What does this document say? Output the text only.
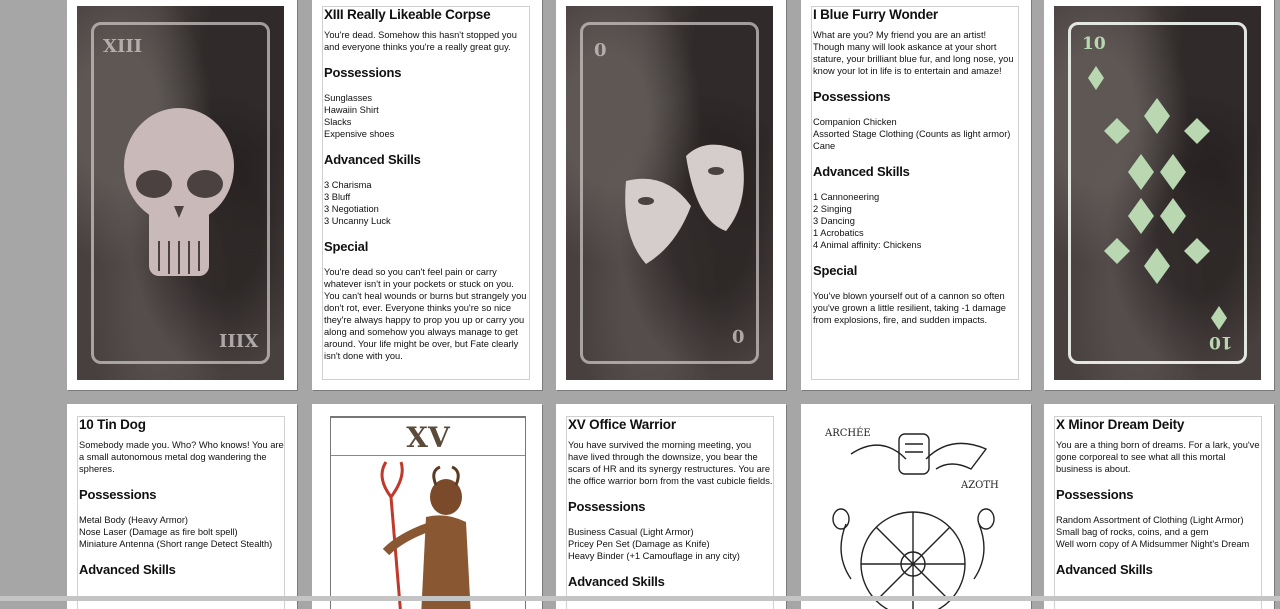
XIII
XIII
XIII Really Likeable Corpse
You're dead. Somehow this hasn't stopped you and everyone thinks you're a really great guy.
Possessions
Sunglasses
Hawaiin Shirt
Slacks
Expensive shoes
Advanced Skills
3 Charisma
3 Bluff
3 Negotiation
3 Uncanny Luck
Special
You're dead so you can't feel pain or carry whatever isn't in your pockets or stuck on you. You can't heal wounds or burns but strangely you don't rot, ever. Everyone thinks you're so nice they're always happy to prop you up or carry you along and somehow you always manage to get around. Your life might be over, but Fate clearly isn't done with you.
0
0
I Blue Furry Wonder
What are you? My friend you are an artist! Though many will look askance at your short stature, your brilliant blue fur, and long nose, you know your lot in life is to entertain and amaze!
Possessions
Companion Chicken
Assorted Stage Clothing (Counts as light armor)
Cane
Advanced Skills
1 Cannoneering
2 Singing
3 Dancing
1 Acrobatics
4 Animal affinity: Chickens
Special
You've blown yourself out of a cannon so often you've grown a little resilient, taking -1 damage from explosions, fire, and sudden impacts.
10
10
10 Tin Dog
Somebody made you. Who? Who knows! You are a small autonomous metal dog wandering the spheres.
Possessions
Metal Body (Heavy Armor)
Nose Laser (Damage as fire bolt spell)
Miniature Antenna (Short range Detect Stealth)
Advanced Skills
XV	XV Office Warrior
You have survived the morning meeting, you have lived through the downsize, you bear the scars of HR and its synergy restructures. You are the office warrior born from the vast cubicle fields.
Possessions
Business Casual (Light Armor)
Pricey Pen Set (Damage as Knife)
Heavy Binder (+1 Camouflage in any city)
Advanced Skills
ARCHÉE
AZOTH
X Minor Dream Deity
You are a thing born of dreams. For a lark, you've gone corporeal to see what all this mortal business is about.
Possessions
Random Assortment of Clothing (Light Armor)
Small bag of rocks, coins, and a gem
Well worn copy of A Midsummer Night's Dream
Advanced Skills
